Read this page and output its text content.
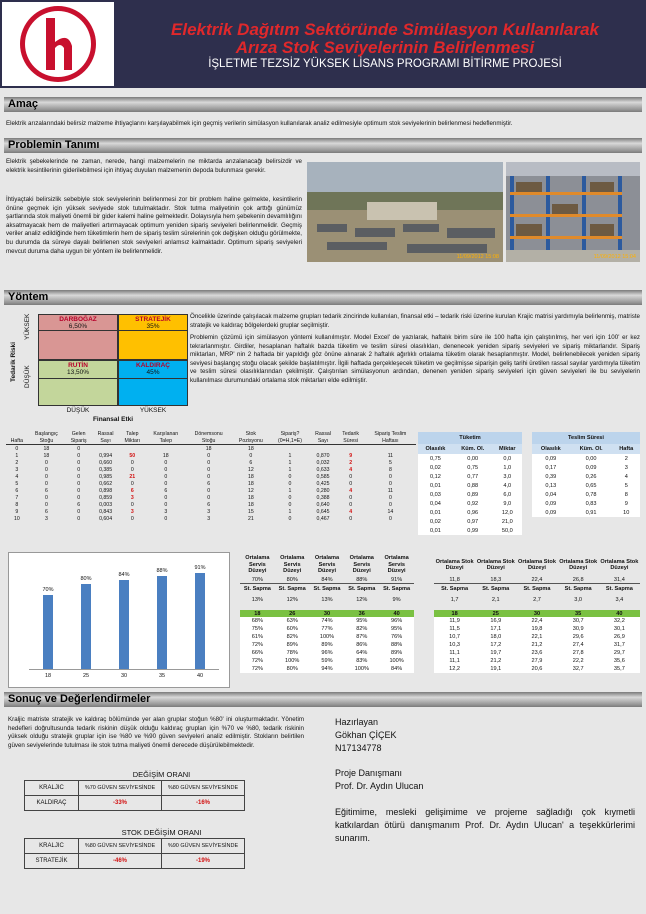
Elektrik Dağıtım Sektöründe Simülasyon Kullanılarak
Arıza Stok Seviyelerinin Belirlenmesi
İŞLETME TEZSİZ YÜKSEK LİSANS PROGRAMI BİTİRME PROJESİ
Amaç
Elektrik arızalarındaki belirsiz malzeme ihtiyaçlarını karşılayabilmek için geçmiş verilerin simülasyon kullanılarak analiz edilmesiyle optimum stok seviyelerinin belirlenmesi hedeflenmiştir.
Problemin Tanımı
Elektrik şebekelerinde ne zaman, nerede, hangi malzemelerin ne miktarda arızalanacağı belirsizdir ve elektrik kesintilerinin giderilebilmesi için ihtiyaç duyulan malzemenin depoda bulunması gerekir.
İhtiyaçtaki belirsizlik sebebiyle stok seviyelerinin belirlenmesi zor bir problem haline gelmekte, kesintilerin önüne geçmek için yüksek seviyede stok tutulmaktadır. Stok tutma maliyetinin çok arttığı günümüz şartlarında stok maliyeti önemli bir gider kalemi haline gelmektedir. Dolayısıyla hem şebekenin devamlılığını aksatmayacak hem de maliyetleri artırmayacak optimum yeniden sipariş seviyeleri belirlenmelidir. Geçmiş veriler analiz edildiğinde hem tüketimlerin hem de sipariş teslim sürelerinin çok değişken olduğu görülmekte, bu durumda da süreye dayalı belirlenen stok seviyeleri anlamsız kalmaktadır. Optimum sipariş seviyeleri mevcut duruma daha uygun bir yöntem ile belirlenmelidir.
11/09/2012 15:08	11/09/2012 15:04
Yöntem
Tedarik Riski
YÜKSEK
DÜŞÜK
DARBOĞAZ
6,50%
STRATEJİK
35%
RUTİN
13,50%
KALDIRAÇ
45%
DÜŞÜK	YÜKSEK
Finansal Etki
Öncelikle üzerinde çalışılacak malzeme grupları tedarik zincirinde kullanılan, finansal etki – tedarik riski üzerine kurulan Krajic matrisi yardımıyla belirlenmiş, matriste stratejik ve kaldıraç bölgelerdeki gruplar seçilmiştir.
Problemin çözümü için simülasyon yöntemi kullanılmıştır. Model Excel' de yazılarak, haftalık birim süre ile 100 hafta için çalıştırılmış, her veri için 100' er kez tekrarlanmıştır. Girdiler, hesaplanan haftalık bazda tüketim ve teslim süresi olasılıkları, denenecek yeniden sipariş seviyeleri ve sipariş miktarlarıdır. Sipariş miktarları, MRP' nin 2 haftada bir yapıldığı göz önüne alınarak 2 haftalık ağırlıklı ortalama tüketim olarak hesaplanmıştır. Model, belirlenebilecek yeniden sipariş seviyesi başlangıç stoğu olacak şekilde başlatılmıştır. İlgili haftada gerçekleşecek tüketim ve geçilmişse siparişin geliş tarihi üretilen rassal sayılar yardımıyla tüketim ve teslim süresi olasılıklarından çekilmiştir. Çalıştırılan simülasyonun ardından, denenen yeniden sipariş seviyeleri için güven seviyeleri ile bu seviyelerin kullanılması durumundaki ortalama stok miktarları elde edilmiştir.
	Başlangıç	Gelen	Rassal	Talep	Karşılanan	Dönemsonu	Stok	Sipariş?	Rassal	Tedarik	Sipariş Teslim
Hafta	Stoğu	Sipariş	Sayı	Miktarı	Talep	Stoğu	Pozisyonu	(0=H,1=E)	Sayı	Süresi	Haftası
0	18	0				18	18				
1	18	0	0,994	50	18	0	0	1	0,870	9	11
2	0	0	0,660	0	0	0	6	1	0,032	2	5
3	0	0	0,385	0	0	0	12	1	0,633	4	8
4	0	0	0,985	21	0	0	18	0	0,585	0	0
5	0	0	0,662	0	0	6	18	0	0,425	0	0
6	6	0	0,898	6	6	0	12	1	0,280	4	11
7	0	0	0,859	3	0	0	18	0	0,388	0	0
8	0	6	0,003	0	0	6	18	0	0,640	0	0
9	6	0	0,843	3	3	3	15	1	0,645	4	14
10	3	0	0,604	0	0	3	21	0	0,467	0	0
Tüketim		
Olasılık	Küm. Ol.	Miktar
0,75	0,00	0,0
0,02	0,75	1,0
0,12	0,77	3,0
0,01	0,88	4,0
0,03	0,89	6,0
0,04	0,92	9,0
0,01	0,96	12,0
0,02	0,97	21,0
0,01	0,99	50,0
Teslim Süresi		
Olasılık	Küm. Ol.	Hafta
0,09	0,00	2
0,17	0,09	3
0,39	0,26	4
0,13	0,65	5
0,04	0,78	8
0,09	0,83	9
0,09	0,91	10
70%
18
80%
25
84%
30
88%
35
91%
40
Ortalama Servis Düzeyi	Ortalama Servis Düzeyi	Ortalama Servis Düzeyi	Ortalama Servis Düzeyi	Ortalama Servis Düzeyi
70%	80%	84%	88%	91%
St. Sapma	St. Sapma	St. Sapma	St. Sapma	St. Sapma
13%	12%	13%	12%	9%

18	26	30	36	40
68%	63%	74%	95%	96%
75%	60%	77%	82%	95%
61%	82%	100%	87%	76%
72%	89%	89%	86%	88%
66%	78%	96%	64%	89%
72%	100%	59%	83%	100%
72%	80%	94%	100%	84%
Ortalama Stok Düzeyi	Ortalama Stok Düzeyi	Ortalama Stok Düzeyi	Ortalama Stok Düzeyi	Ortalama Stok Düzeyi
11,8	18,3	22,4	26,8	31,4
St. Sapma	St. Sapma	St. Sapma	St. Sapma	St. Sapma
1,7	2,1	2,7	3,0	3,4

18	25	30	35	40
11,9	16,9	22,4	30,7	32,2
11,5	17,1	19,8	30,9	30,1
10,7	18,0	22,1	29,6	26,9
10,3	17,2	21,2	27,4	31,7
11,1	19,7	23,6	27,8	29,7
11,1	21,2	27,9	22,2	35,6
12,2	19,1	20,6	32,7	35,7
Sonuç ve Değerlendirmeler
Kraljic matriste stratejik ve kaldıraç bölümünde yer alan gruplar stoğun %80' ini oluşturmaktadır. Yönetim hedefleri doğrultusunda tedarik riskinin düşük olduğu kaldıraç grupları için %70 ve %80, tedarik riskinin yüksek olduğu stratejik gruplar için ise %80 ve %90 güven seviyeleri analiz edilmiştir. Stokların belirtilen güven seviyelerinde tutulması ile stok tutma maliyeti önemli derecede düşürülebilmektedir.
	DEĞİŞİM ORANI	
KRALJIC	%70 GÜVEN SEVİYESİNDE	%80 GÜVEN SEVİYESİNDE
KALDIRAÇ	-33%	-16%
	STOK DEĞİŞİM ORANI	
KRALJIC	%80 GÜVEN SEVİYESİNDE	%90 GÜVEN SEVİYESİNDE
STRATEJİK	-46%	-19%
Hazırlayan
Gökhan ÇİÇEK
N17134778
Proje Danışmanı
Prof. Dr. Aydın Ulucan
Eğitimime, mesleki gelişimime ve projeme sağladığı çok kıymetli katkılardan ötürü danışmanım Prof. Dr. Aydın Ulucan' a teşekkürlerimi sunarım.
